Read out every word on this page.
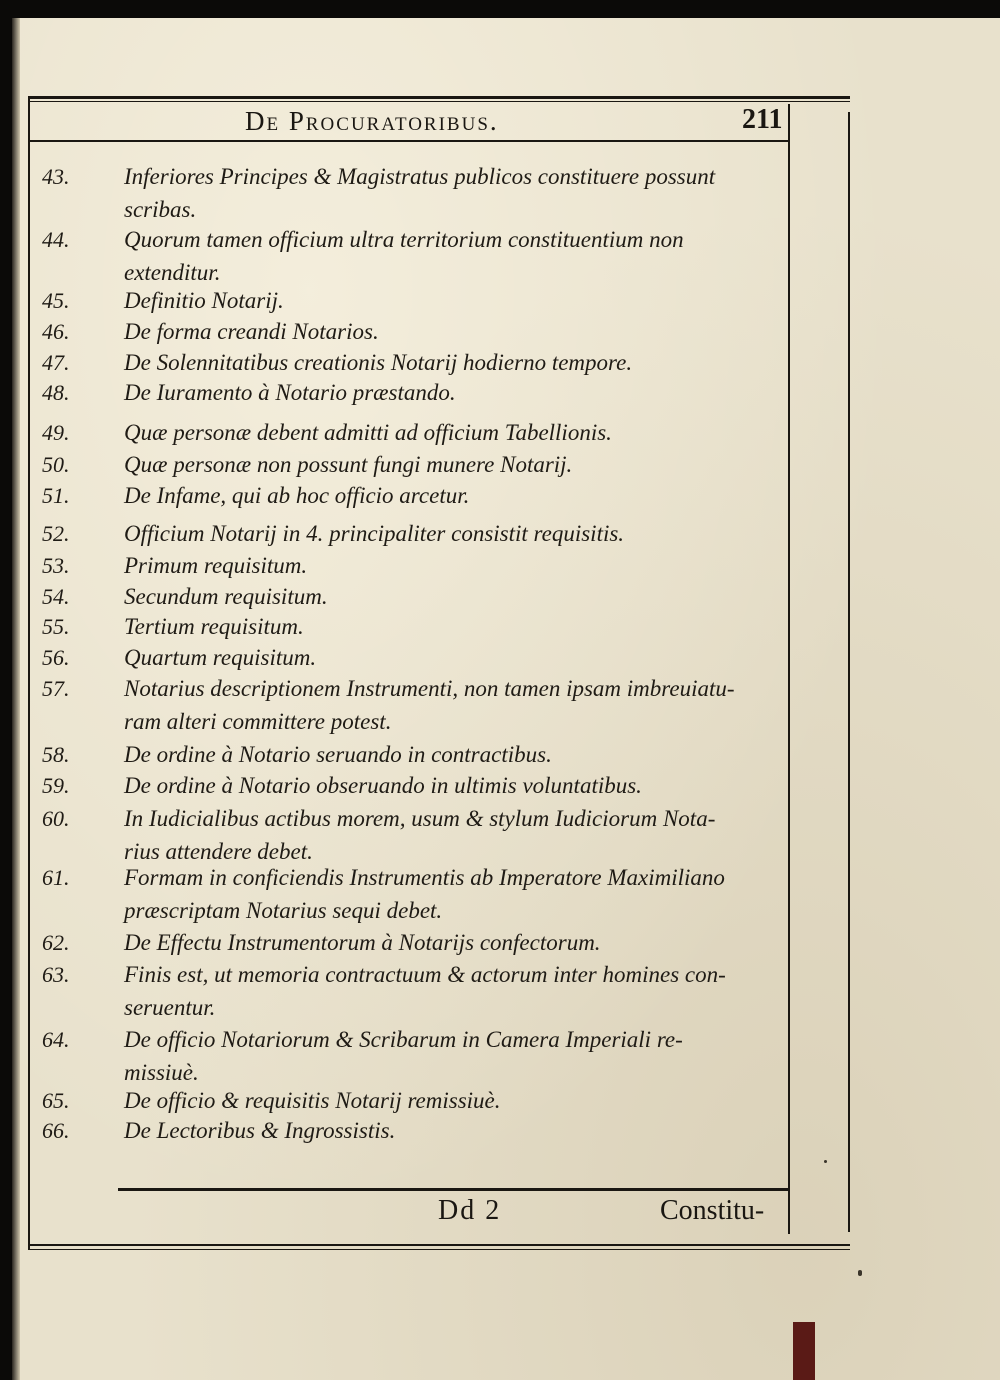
De Procuratoribus.	211
43.	Inferiores Principes & Magistratus publicos constituere possunt
scribas.
44.	Quorum tamen officium ultra territorium constituentium non
extenditur.
45.	Definitio Notarij.
46.	De forma creandi Notarios.
47.	De Solennitatibus creationis Notarij hodierno tempore.
48.	De Iuramento à Notario præstando.
49.	Quæ personæ debent admitti ad officium Tabellionis.
50.	Quæ personæ non possunt fungi munere Notarij.
51.	De Infame, qui ab hoc officio arcetur.
52.	Officium Notarij in 4. principaliter consistit requisitis.
53.	Primum requisitum.
54.	Secundum requisitum.
55.	Tertium requisitum.
56.	Quartum requisitum.
57.	Notarius descriptionem Instrumenti, non tamen ipsam imbreuiatu-
ram alteri committere potest.
58.	De ordine à Notario seruando in contractibus.
59.	De ordine à Notario obseruando in ultimis voluntatibus.
60.	In Iudicialibus actibus morem, usum & stylum Iudiciorum Nota-
rius attendere debet.
61.	Formam in conficiendis Instrumentis ab Imperatore Maximiliano
præscriptam Notarius sequi debet.
62.	De Effectu Instrumentorum à Notarijs confectorum.
63.	Finis est, ut memoria contractuum & actorum inter homines con-
seruentur.
64.	De officio Notariorum & Scribarum in Camera Imperiali re-
missiuè.
65.	De officio & requisitis Notarij remissiuè.
66.	De Lectoribus & Ingrossistis.
Dd 2	Constitu-
